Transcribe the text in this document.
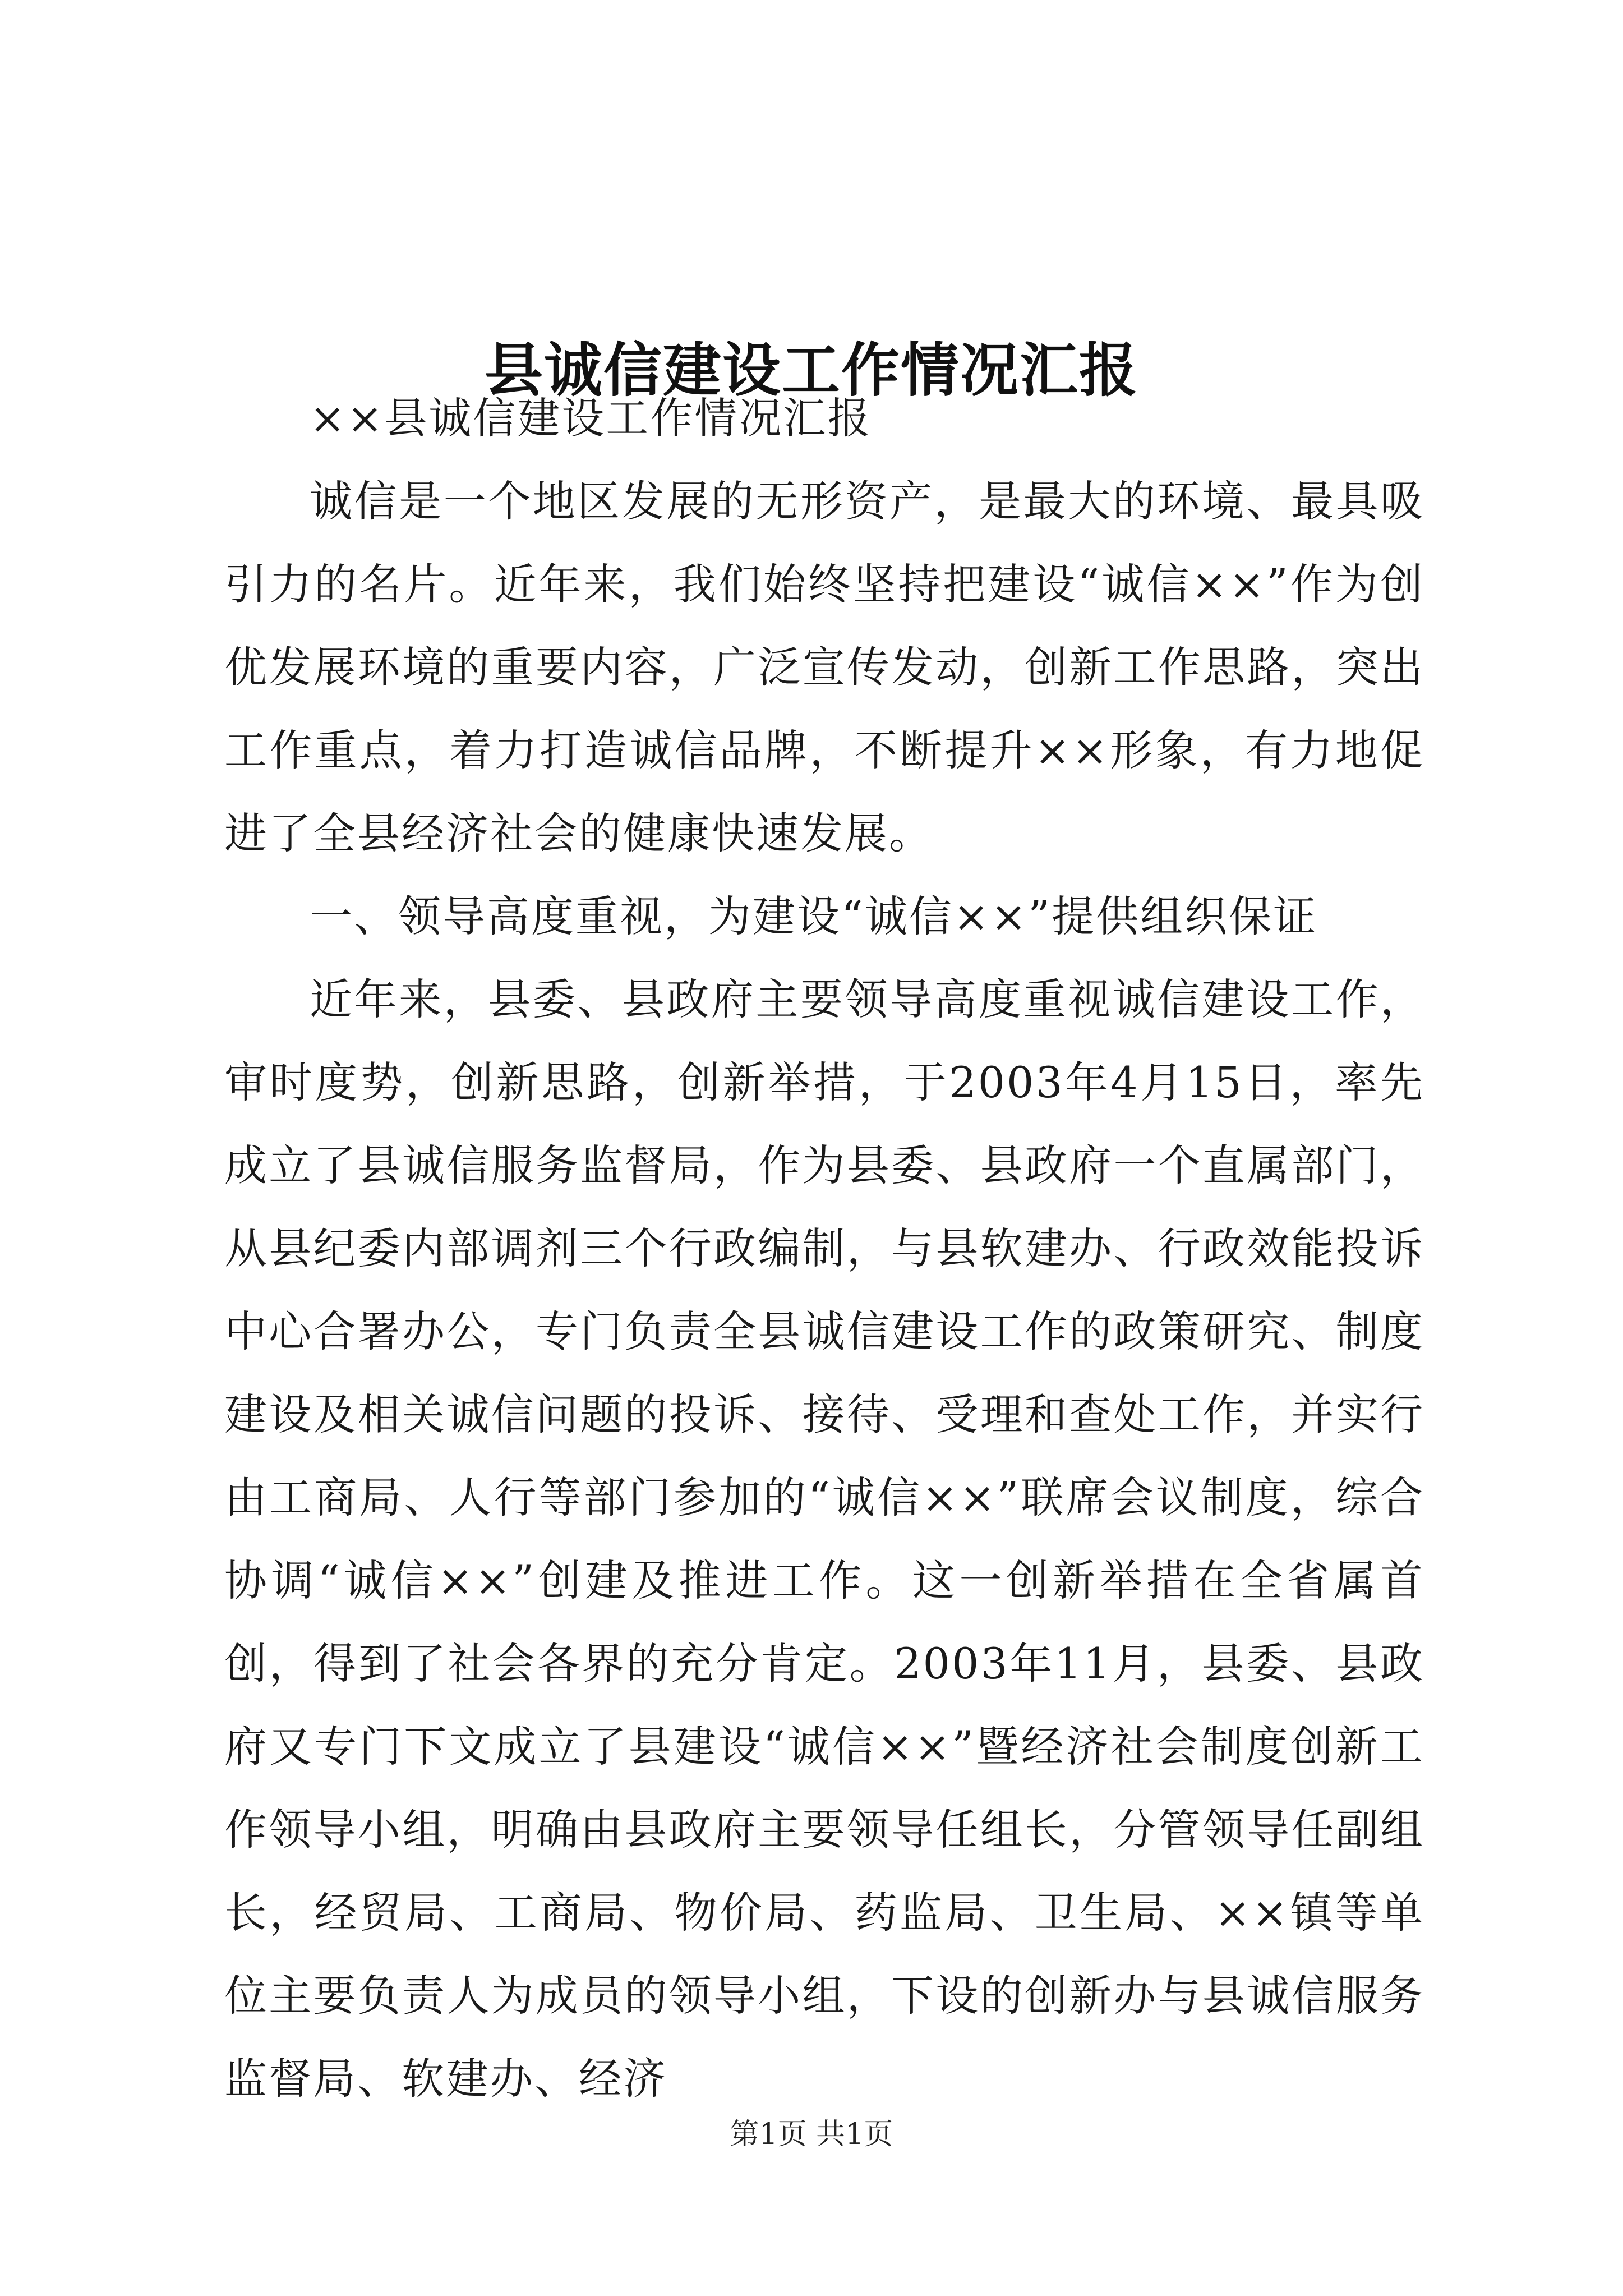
县诚信建设工作情况汇报

××县诚信建设工作情况汇报

诚信是一个地区发展的无形资产，是最大的环境、最具吸引力的名片。近年来，我们始终坚持把建设“诚信××”作为创优发展环境的重要内容，广泛宣传发动，创新工作思路，突出工作重点，着力打造诚信品牌，不断提升××形象，有力地促进了全县经济社会的健康快速发展。

一、领导高度重视，为建设“诚信××”提供组织保证

近年来，县委、县政府主要领导高度重视诚信建设工作，审时度势，创新思路，创新举措，于2003年4月15日，率先成立了县诚信服务监督局，作为县委、县政府一个直属部门，从县纪委内部调剂三个行政编制，与县软建办、行政效能投诉中心合署办公，专门负责全县诚信建设工作的政策研究、制度建设及相关诚信问题的投诉、接待、受理和查处工作，并实行由工商局、人行等部门参加的“诚信××”联席会议制度，综合协调“诚信××”创建及推进工作。这一创新举措在全省属首创，得到了社会各界的充分肯定。2003年11月，县委、县政府又专门下文成立了县建设“诚信××”暨经济社会制度创新工作领导小组，明确由县政府主要领导任组长，分管领导任副组长，经贸局、工商局、物价局、药监局、卫生局、××镇等单位主要负责人为成员的领导小组，下设的创新办与县诚信服务监督局、软建办、经济

第1页 共1页
